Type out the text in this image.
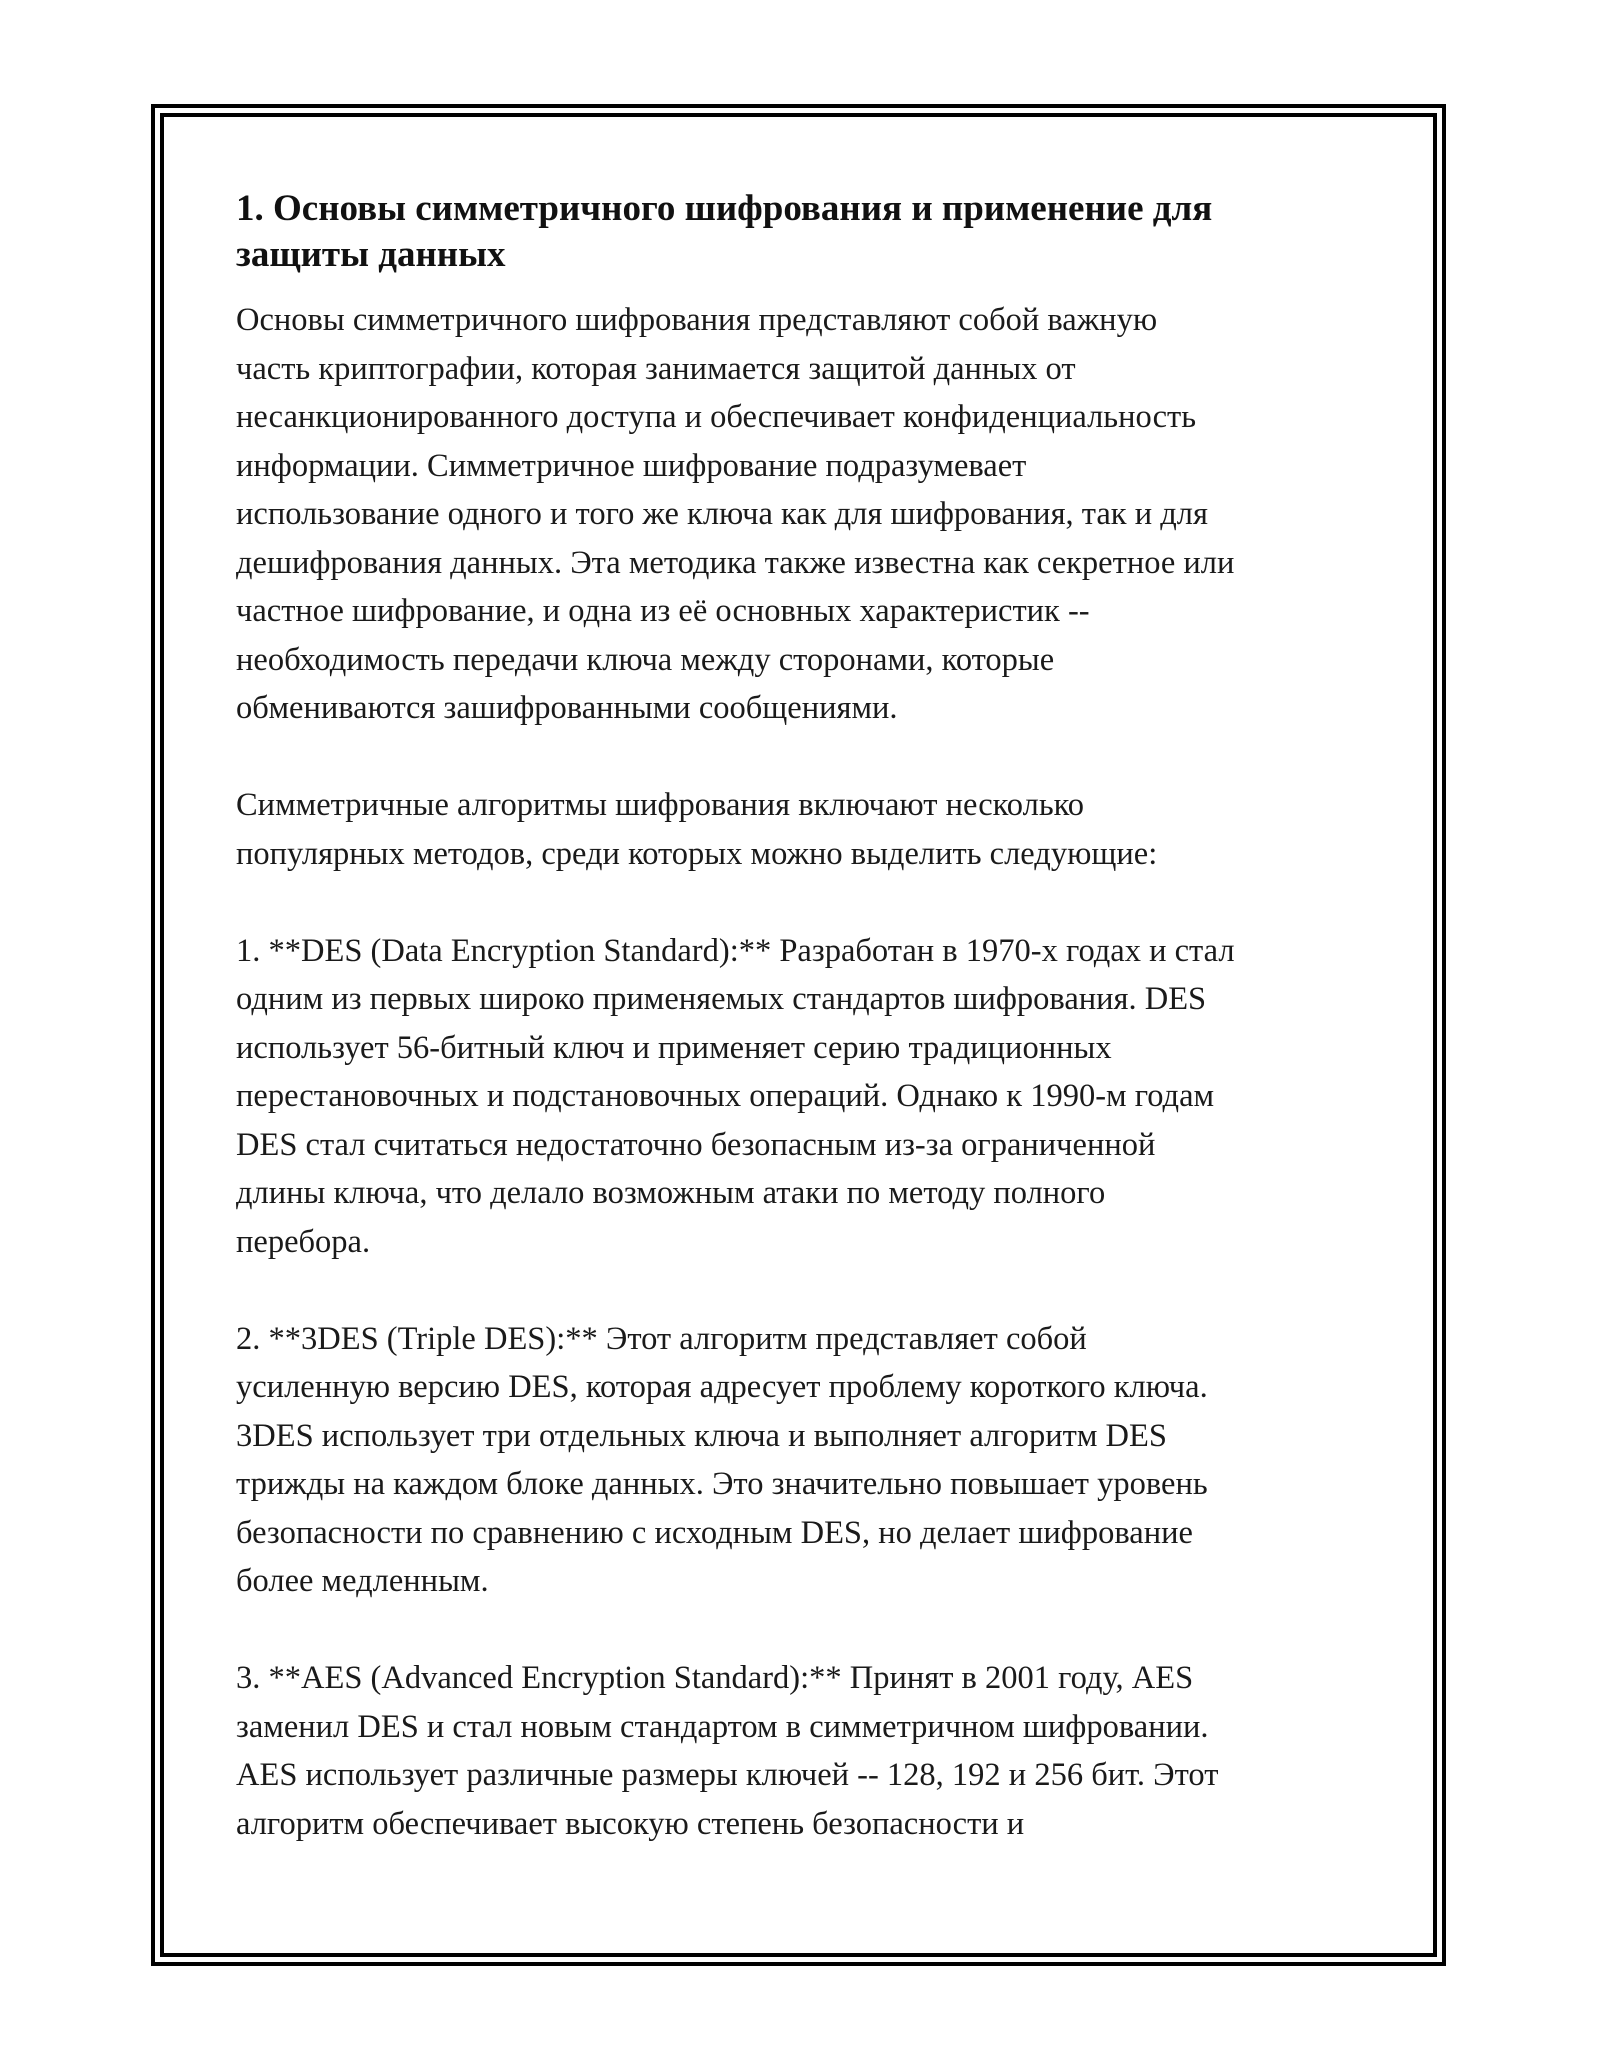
1. Основы симметричного шифрования и применение для
защиты данных
Основы симметричного шифрования представляют собой важную
часть криптографии, которая занимается защитой данных от
несанкционированного доступа и обеспечивает конфиденциальность
информации. Симметричное шифрование подразумевает
использование одного и того же ключа как для шифрования, так и для
дешифрования данных. Эта методика также известна как секретное или
частное шифрование, и одна из её основных характеристик --
необходимость передачи ключа между сторонами, которые
обмениваются зашифрованными сообщениями.
Симметричные алгоритмы шифрования включают несколько
популярных методов, среди которых можно выделить следующие:
1. **DES (Data Encryption Standard):** Разработан в 1970-х годах и стал
одним из первых широко применяемых стандартов шифрования. DES
использует 56-битный ключ и применяет серию традиционных
перестановочных и подстановочных операций. Однако к 1990-м годам
DES стал считаться недостаточно безопасным из-за ограниченной
длины ключа, что делало возможным атаки по методу полного
перебора.
2. **3DES (Triple DES):** Этот алгоритм представляет собой
усиленную версию DES, которая адресует проблему короткого ключа.
3DES использует три отдельных ключа и выполняет алгоритм DES
трижды на каждом блоке данных. Это значительно повышает уровень
безопасности по сравнению с исходным DES, но делает шифрование
более медленным.
3. **AES (Advanced Encryption Standard):** Принят в 2001 году, AES
заменил DES и стал новым стандартом в симметричном шифровании.
AES использует различные размеры ключей -- 128, 192 и 256 бит. Этот
алгоритм обеспечивает высокую степень безопасности и
